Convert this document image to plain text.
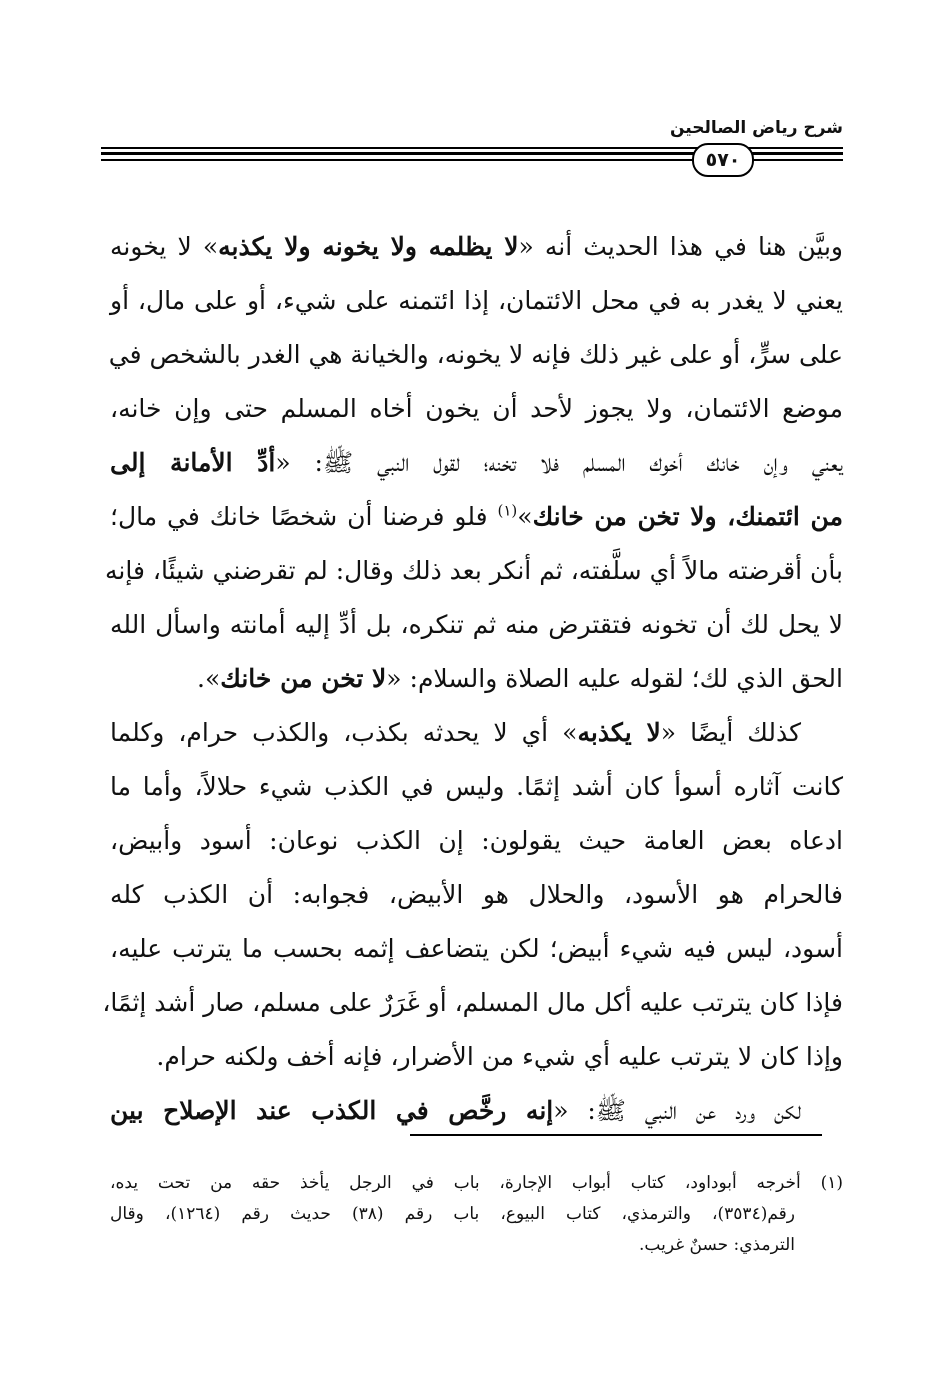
شرح رياض الصالحين
٥٧٠
وبيَّن هنا في هذا الحديث أنه «لا يظلمه ولا يخونه ولا يكذبه» لا يخونه
يعني لا يغدر به في محل الائتمان، إذا ائتمنه على شيء، أو على مال، أو
على سرٍّ، أو على غير ذلك فإنه لا يخونه، والخيانة هي الغدر بالشخص في
موضع الائتمان، ولا يجوز لأحد أن يخون أخاه المسلم حتى وإن خانه،
يعني وإن خانك أخوك المسلم فلا تخنه؛ لقول النبي ﷺ: «أدِّ الأمانة إلى
من ائتمنك، ولا تخن من خانك»$^{(١)}$ فلو فرضنا أن شخصًا خانك في مال؛
بأن أقرضته مالاً أي سلَّفته، ثم أنكر بعد ذلك وقال: لم تقرضني شيئًا، فإنه
لا يحل لك أن تخونه فتقترض منه ثم تنكره، بل أدِّ إليه أمانته واسأل الله
الحق الذي لك؛ لقوله عليه الصلاة والسلام: «لا تخن من خانك».
كذلك أيضًا «لا يكذبه» أي لا يحدثه بكذب، والكذب حرام، وكلما
كانت آثاره أسوأ كان أشد إثمًا. وليس في الكذب شيء حلالاً، وأما ما
ادعاه بعض العامة حيث يقولون: إن الكذب نوعان: أسود وأبيض،
فالحرام هو الأسود، والحلال هو الأبيض، فجوابه: أن الكذب كله
أسود، ليس فيه شيء أبيض؛ لكن يتضاعف إثمه بحسب ما يترتب عليه،
فإذا كان يترتب عليه أكل مال المسلم، أو غَرَرٌ على مسلم، صار أشد إثمًا،
وإذا كان لا يترتب عليه أي شيء من الأضرار، فإنه أخف ولكنه حرام.
لكن ورد عن النبي ﷺ: «إنه رخَّص في الكذب عند الإصلاح بين
(١) أخرجه أبوداود، كتاب أبواب الإجارة، باب في الرجل يأخذ حقه من تحت يده،
رقم(٣٥٣٤)، والترمذي، كتاب البيوع، باب رقم (٣٨) حديث رقم (١٢٦٤)، وقال
الترمذي: حسنٌ غريب.
